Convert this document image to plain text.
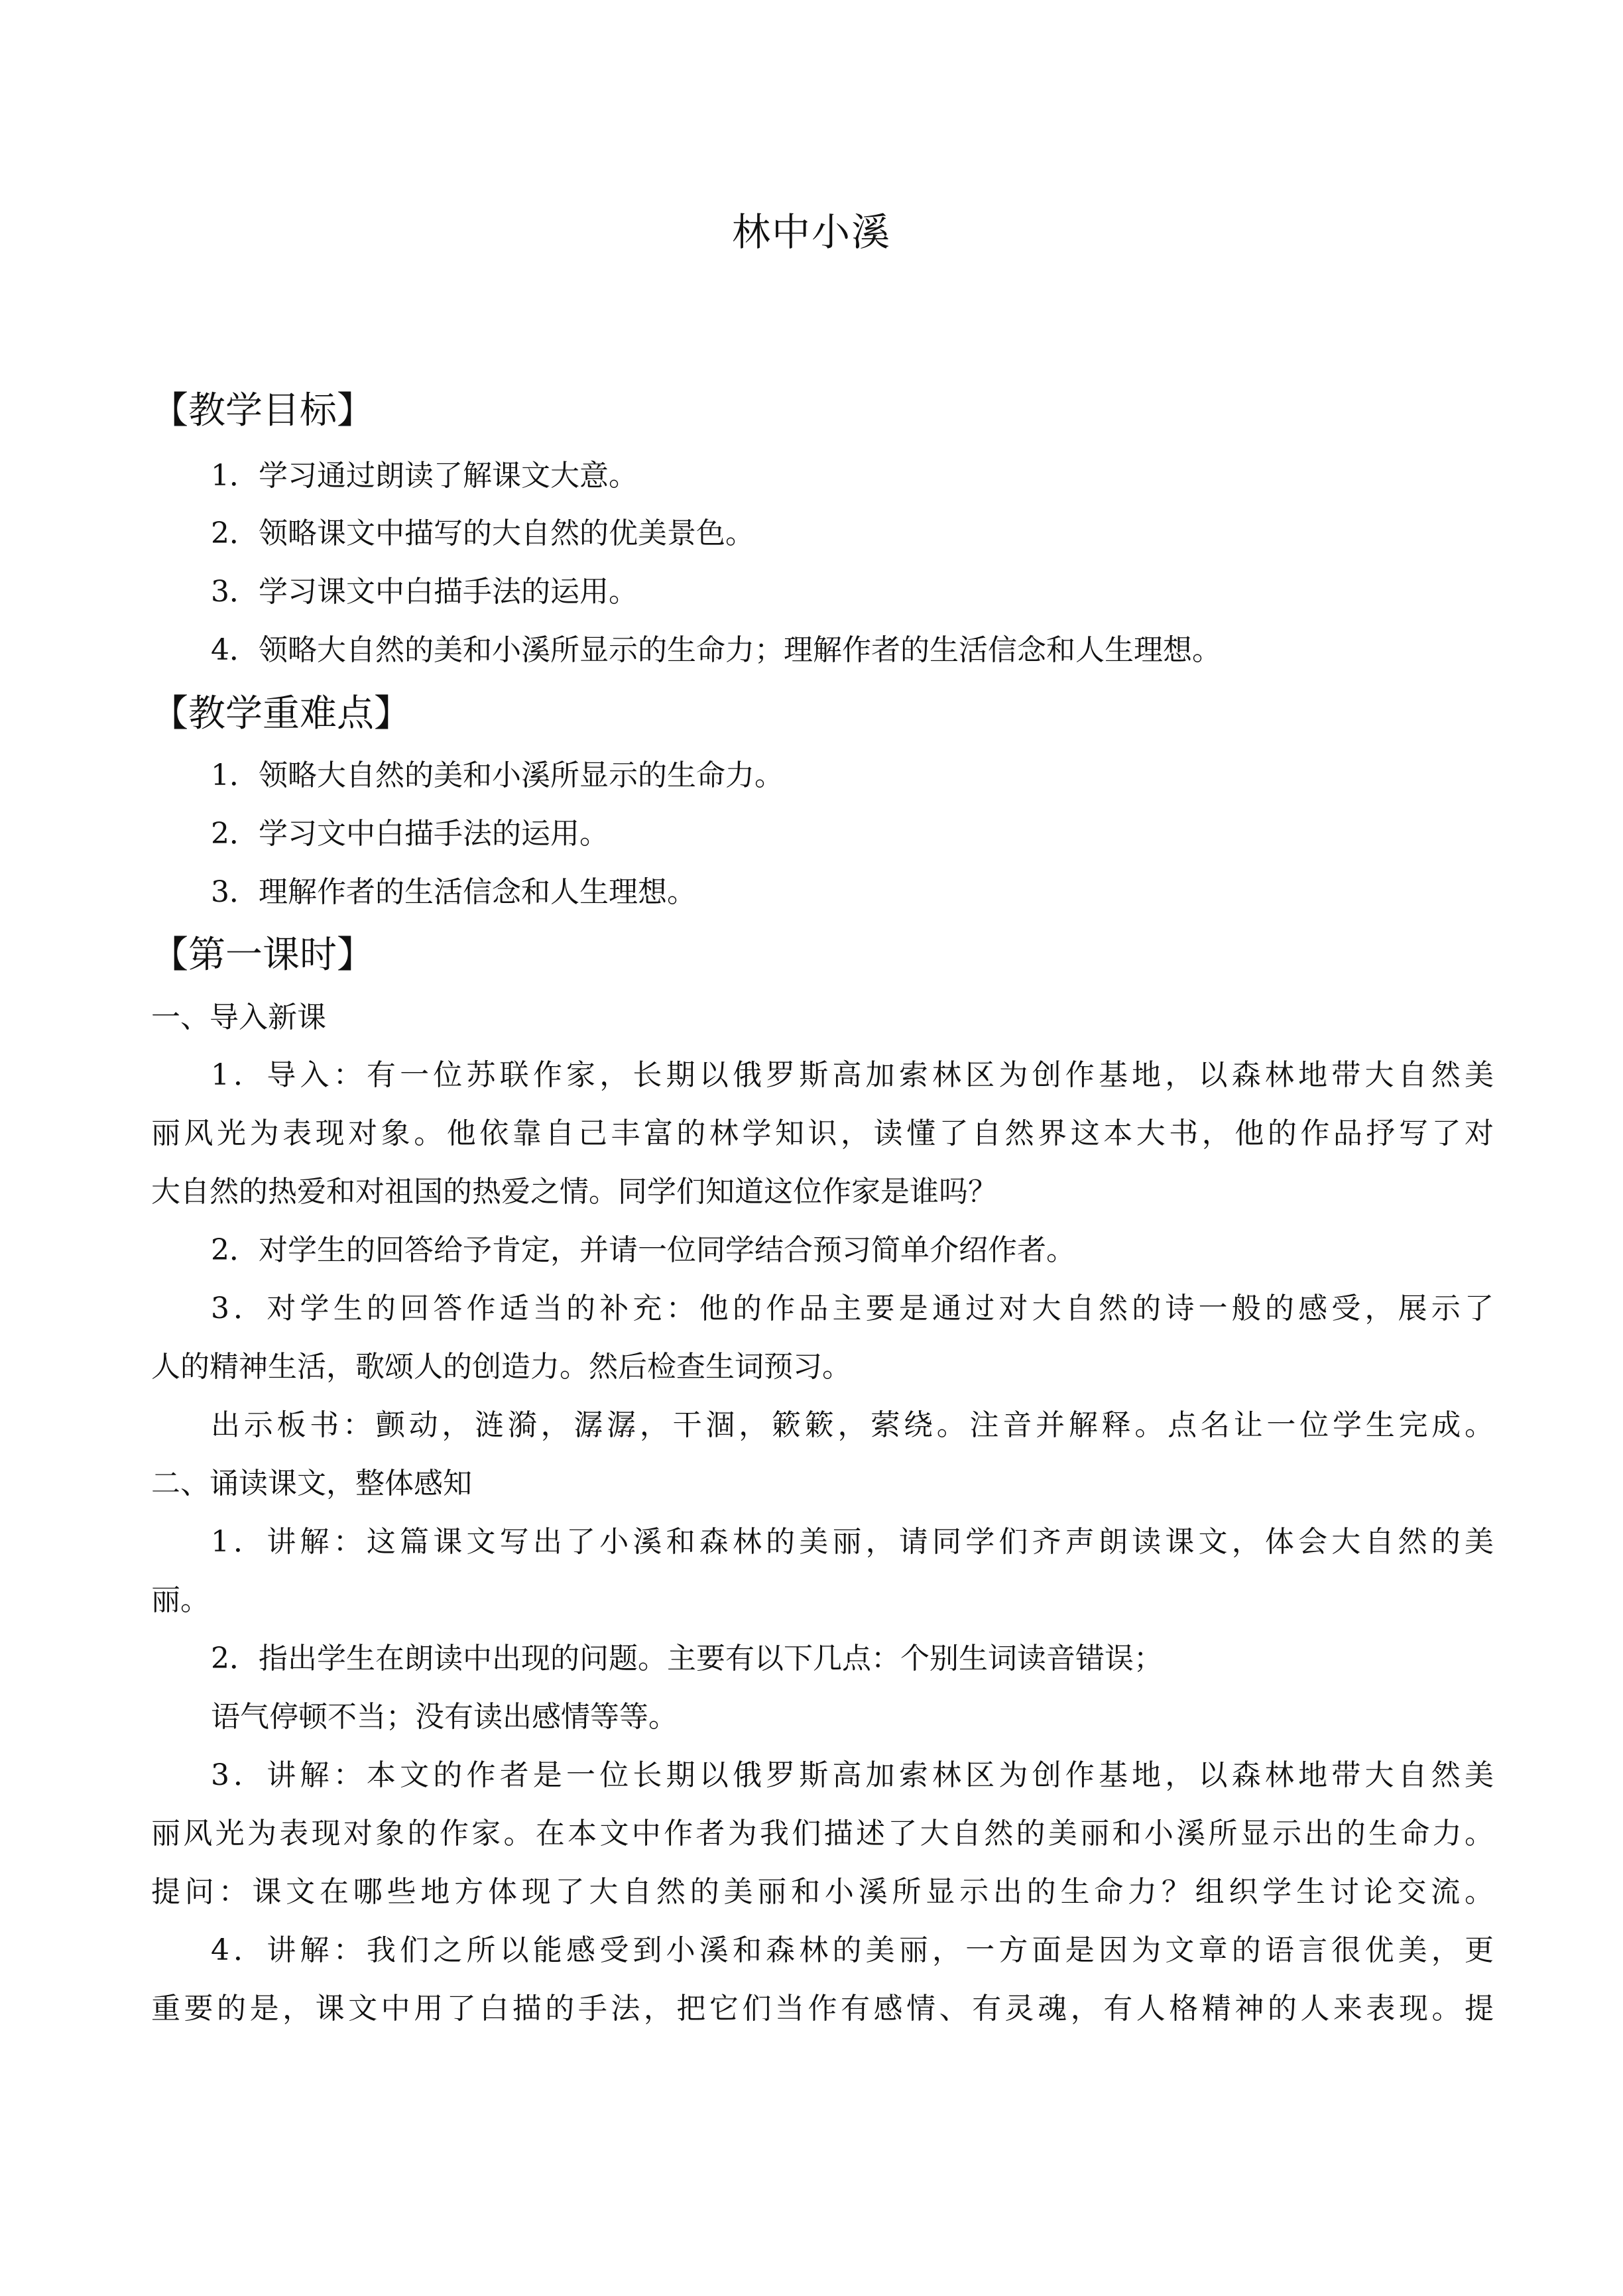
林中小溪
【教学目标】
1．学习通过朗读了解课文大意。
2．领略课文中描写的大自然的优美景色。
3．学习课文中白描手法的运用。
4．领略大自然的美和小溪所显示的生命力；理解作者的生活信念和人生理想。
【教学重难点】
1．领略大自然的美和小溪所显示的生命力。
2．学习文中白描手法的运用。
3．理解作者的生活信念和人生理想。
【第一课时】
一、导入新课
1．导入：有一位苏联作家，长期以俄罗斯高加索林区为创作基地，以森林地带大自然美
丽风光为表现对象。他依靠自己丰富的林学知识，读懂了自然界这本大书，他的作品抒写了对
大自然的热爱和对祖国的热爱之情。同学们知道这位作家是谁吗？
2．对学生的回答给予肯定，并请一位同学结合预习简单介绍作者。
3．对学生的回答作适当的补充：他的作品主要是通过对大自然的诗一般的感受，展示了
人的精神生活，歌颂人的创造力。然后检查生词预习。
出示板书：颤动，涟漪，潺潺，干涸，簌簌，萦绕。注音并解释。点名让一位学生完成。
二、诵读课文，整体感知
1．讲解：这篇课文写出了小溪和森林的美丽，请同学们齐声朗读课文，体会大自然的美
丽。
2．指出学生在朗读中出现的问题。主要有以下几点：个别生词读音错误；
语气停顿不当；没有读出感情等等。
3．讲解：本文的作者是一位长期以俄罗斯高加索林区为创作基地，以森林地带大自然美
丽风光为表现对象的作家。在本文中作者为我们描述了大自然的美丽和小溪所显示出的生命力。
提问：课文在哪些地方体现了大自然的美丽和小溪所显示出的生命力？组织学生讨论交流。
4．讲解：我们之所以能感受到小溪和森林的美丽，一方面是因为文章的语言很优美，更
重要的是，课文中用了白描的手法，把它们当作有感情、有灵魂，有人格精神的人来表现。提
